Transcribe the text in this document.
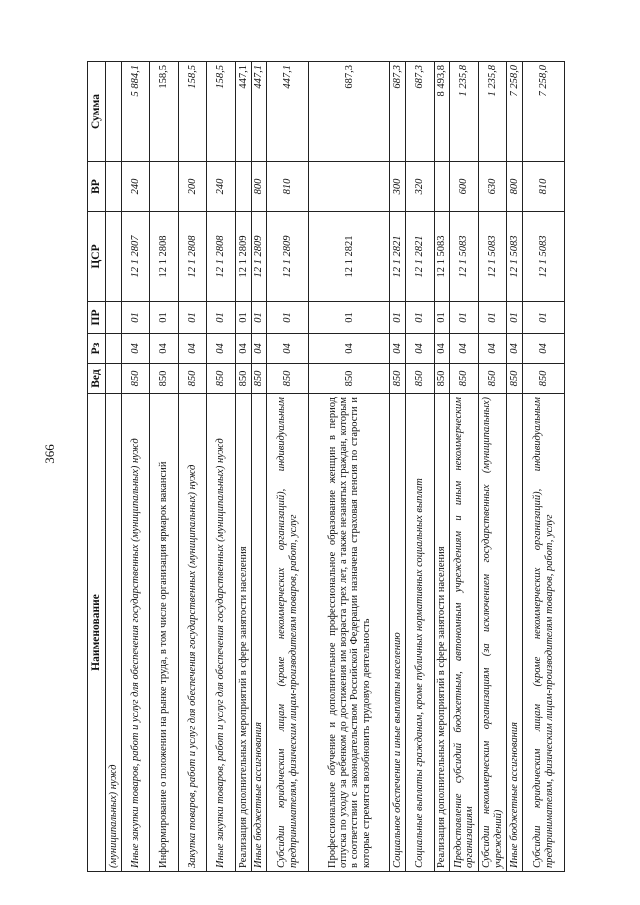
366
Наименование	Вед	Рз	ПР	ЦСР	ВР	Сумма
(муниципальных) нужд						
Иные закупки товаров, работ и услуг для обеспечения государственных (муниципальных) нужд	850	04	01	12 1 2807	240	5 884,1
Информирование о положении на рынке труда, в том числе организация ярмарок вакансий	850	04	01	12 1 2808		158,5
Закупка товаров, работ и услуг для обеспечения государственных (муниципальных) нужд	850	04	01	12 1 2808	200	158,5
Иные закупки товаров, работ и услуг для обеспечения государственных (муниципальных) нужд	850	04	01	12 1 2808	240	158,5
Реализация дополнительных мероприятий в сфере занятости населения	850	04	01	12 1 2809		447,1
Иные бюджетные ассигнования	850	04	01	12 1 2809	800	447,1
Субсидии юридическим лицам (кроме некоммерческих организаций), индивидуальным предпринимателям, физическим лицам-производителям товаров, работ, услуг	850	04	01	12 1 2809	810	447,1
Профессиональное обучение и дополнительное профессиональное образование женщин в период отпуска по уходу за ребенком до достижения им возраста трех лет, а также незанятых граждан, которым в соответствии с законодательством Российской Федерации назначена страховая пенсия по старости и которые стремятся возобновить трудовую деятельность	850	04	01	12 1 2821		687,3
Социальное обеспечение и иные выплаты населению	850	04	01	12 1 2821	300	687,3
Социальные выплаты гражданам, кроме публичных нормативных социальных выплат	850	04	01	12 1 2821	320	687,3
Реализация дополнительных мероприятий в сфере занятости населения	850	04	01	12 1 5083		8 493,8
Предоставление субсидий бюджетным, автономным учреждениям и иным некоммерческим организациям	850	04	01	12 1 5083	600	1 235,8
Субсидии некоммерческим организациям (за исключением государственных (муниципальных) учреждений)	850	04	01	12 1 5083	630	1 235,8
Иные бюджетные ассигнования	850	04	01	12 1 5083	800	7 258,0
Субсидии юридическим лицам (кроме некоммерческих организаций), индивидуальным предпринимателям, физическим лицам-производителям товаров, работ, услуг	850	04	01	12 1 5083	810	7 258,0
